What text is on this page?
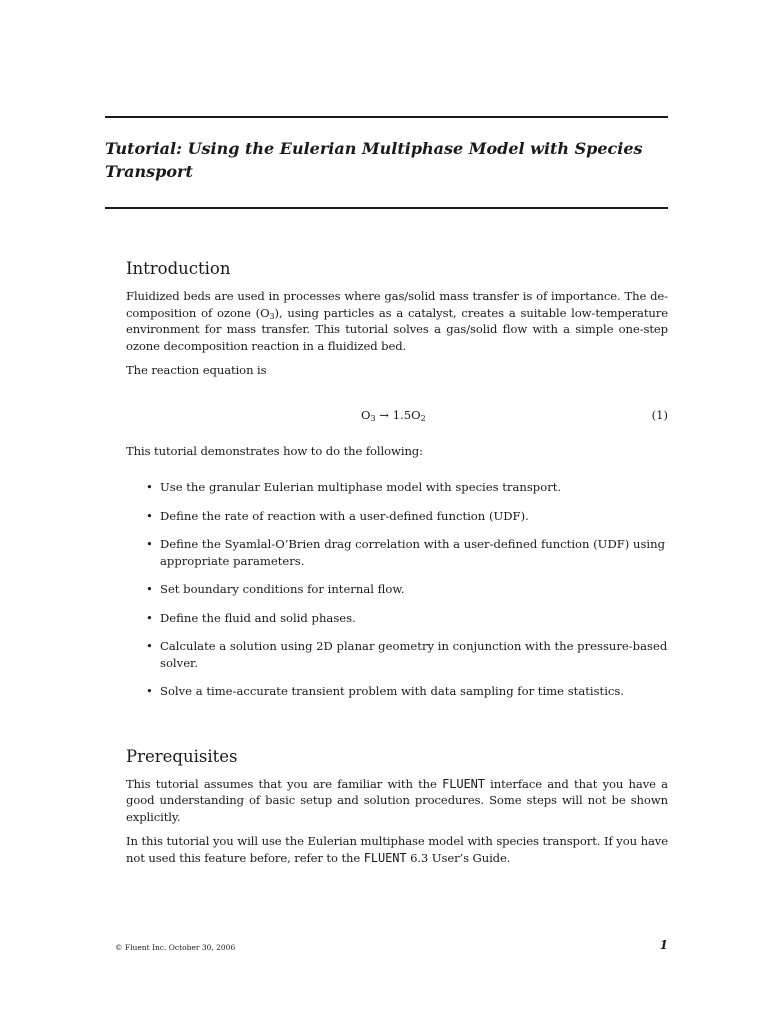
Tutorial: Using the Eulerian Multiphase Model with Species Transport
Introduction

Fluidized beds are used in processes where gas/solid mass transfer is of importance. The de-composition of ozone $(O_3)$, using particles as a catalyst, creates a suitable low-temperature environment for mass transfer. This tutorial solves a gas/solid flow with a simple one-step ozone decomposition reaction in a fluidized bed.

The reaction equation is

$O_3 \to 1.5O_2$	(1)

This tutorial demonstrates how to do the following:

• Use the granular Eulerian multiphase model with species transport.
• Define the rate of reaction with a user-defined function (UDF).
• Define the Syamlal-O’Brien drag correlation with a user-defined function (UDF) using appropriate parameters.
• Set boundary conditions for internal flow.
• Define the fluid and solid phases.
• Calculate a solution using 2D planar geometry in conjunction with the pressure-based solver.
• Solve a time-accurate transient problem with data sampling for time statistics.
Prerequisites

This tutorial assumes that you are familiar with the FLUENT interface and that you have a good understanding of basic setup and solution procedures. Some steps will not be shown explicitly.

In this tutorial you will use the Eulerian multiphase model with species transport. If you have not used this feature before, refer to the FLUENT 6.3 User’s Guide.

© Fluent Inc. October 30, 2006	1
